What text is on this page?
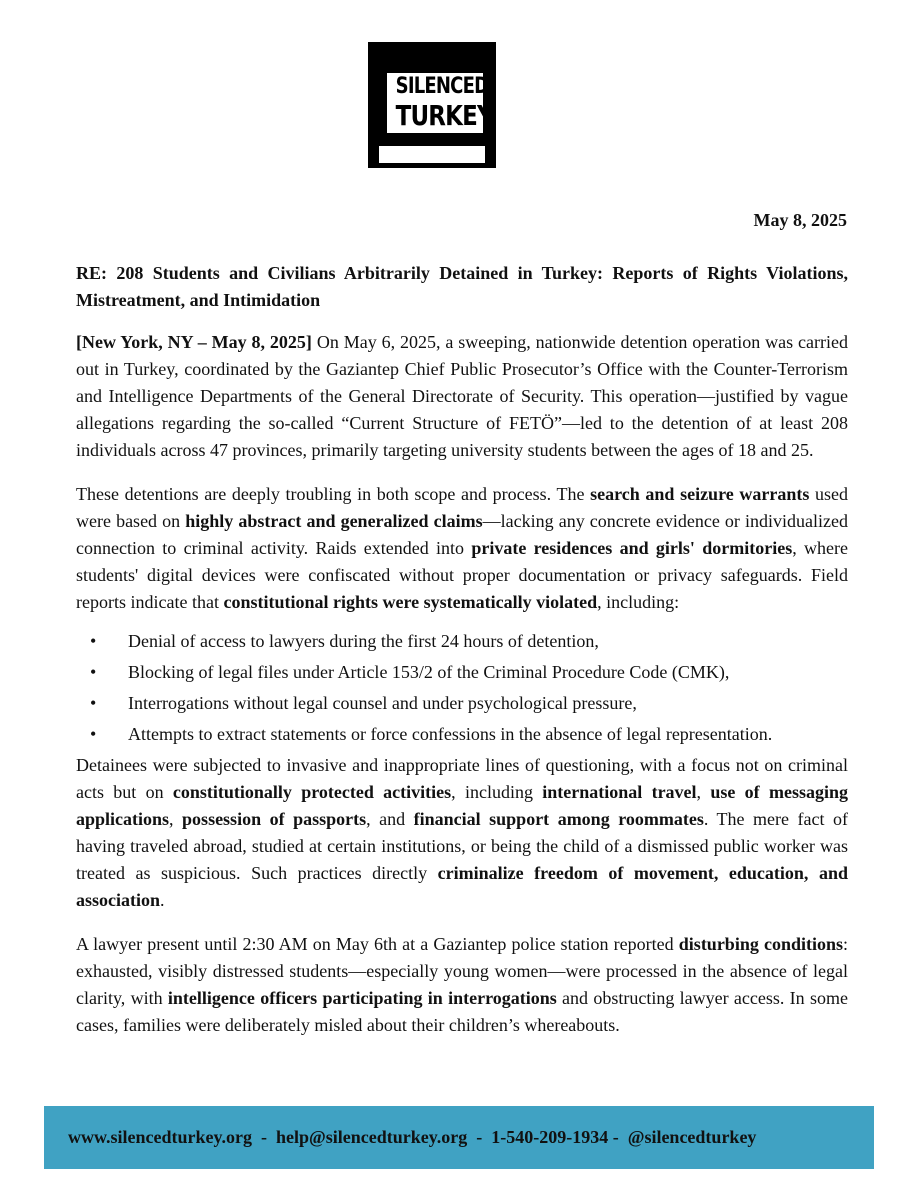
SILENCED
TURKEY
May 8, 2025

RE: 208 Students and Civilians Arbitrarily Detained in Turkey: Reports of Rights Violations, Mistreatment, and Intimidation

[New York, NY – May 8, 2025] On May 6, 2025, a sweeping, nationwide detention operation was carried out in Turkey, coordinated by the Gaziantep Chief Public Prosecutor’s Office with the Counter-Terrorism and Intelligence Departments of the General Directorate of Security. This operation—justified by vague allegations regarding the so-called “Current Structure of FETÖ”—led to the detention of at least 208 individuals across 47 provinces, primarily targeting university students between the ages of 18 and 25.

These detentions are deeply troubling in both scope and process. The search and seizure warrants used were based on highly abstract and generalized claims—lacking any concrete evidence or individualized connection to criminal activity. Raids extended into private residences and girls' dormitories, where students' digital devices were confiscated without proper documentation or privacy safeguards. Field reports indicate that constitutional rights were systematically violated, including:

• Denial of access to lawyers during the first 24 hours of detention,
• Blocking of legal files under Article 153/2 of the Criminal Procedure Code (CMK),
• Interrogations without legal counsel and under psychological pressure,
• Attempts to extract statements or force confessions in the absence of legal representation.

Detainees were subjected to invasive and inappropriate lines of questioning, with a focus not on criminal acts but on constitutionally protected activities, including international travel, use of messaging applications, possession of passports, and financial support among roommates. The mere fact of having traveled abroad, studied at certain institutions, or being the child of a dismissed public worker was treated as suspicious. Such practices directly criminalize freedom of movement, education, and association.

A lawyer present until 2:30 AM on May 6th at a Gaziantep police station reported disturbing conditions: exhausted, visibly distressed students—especially young women—were processed in the absence of legal clarity, with intelligence officers participating in interrogations and obstructing lawyer access. In some cases, families were deliberately misled about their children’s whereabouts.

www.silencedturkey.org  -  help@silencedturkey.org  -  1-540-209-1934 -  @silencedturkey
